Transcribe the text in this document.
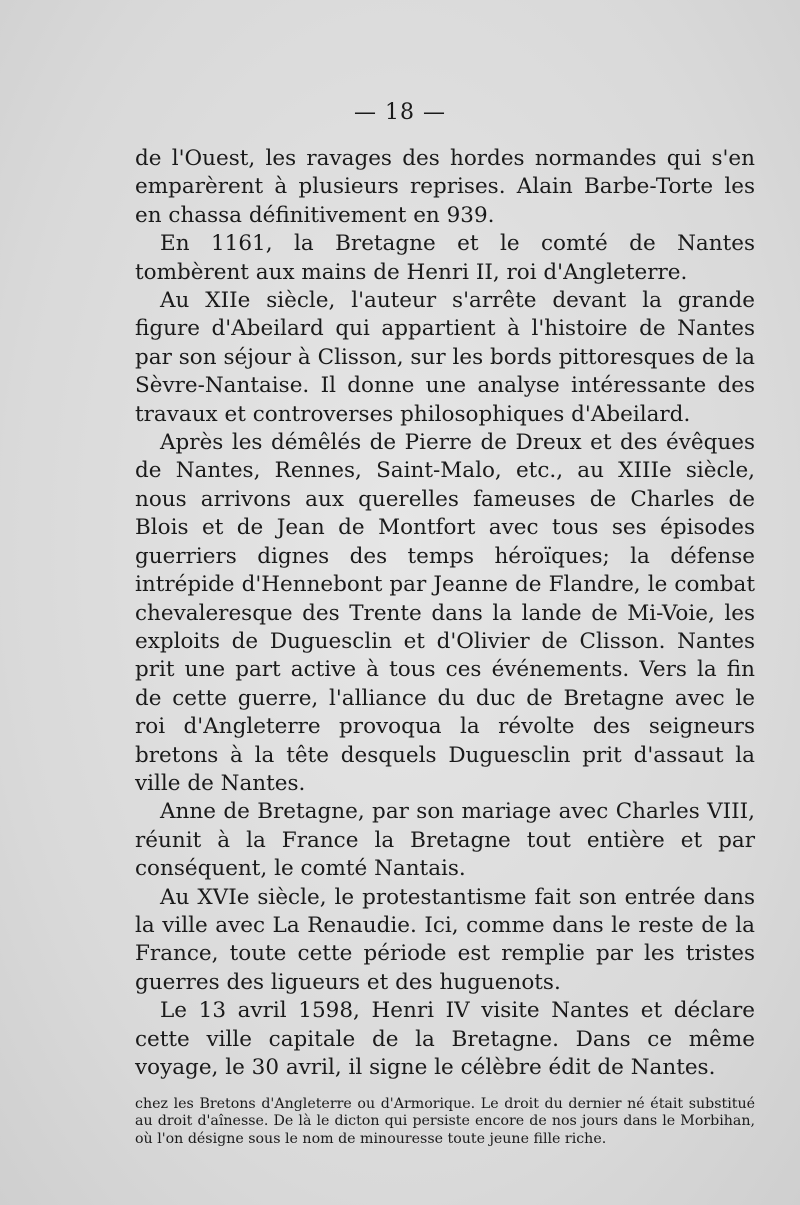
— 18 —

de l'Ouest, les ravages des hordes normandes qui s'en emparèrent à plusieurs reprises. Alain Barbe-Torte les en chassa définitivement en 939.

En 1161, la Bretagne et le comté de Nantes tombèrent aux mains de Henri II, roi d'Angleterre.

Au XIIe siècle, l'auteur s'arrête devant la grande figure d'Abeilard qui appartient à l'histoire de Nantes par son séjour à Clisson, sur les bords pittoresques de la Sèvre-Nantaise. Il donne une analyse intéressante des travaux et controverses philosophiques d'Abeilard.

Après les démêlés de Pierre de Dreux et des évêques de Nantes, Rennes, Saint-Malo, etc., au XIIIe siècle, nous arrivons aux querelles fameuses de Charles de Blois et de Jean de Montfort avec tous ses épisodes guerriers dignes des temps héroïques; la défense intrépide d'Hennebont par Jeanne de Flandre, le combat chevaleresque des Trente dans la lande de Mi-Voie, les exploits de Duguesclin et d'Olivier de Clisson. Nantes prit une part active à tous ces événements. Vers la fin de cette guerre, l'alliance du duc de Bretagne avec le roi d'Angleterre provoqua la révolte des seigneurs bretons à la tête desquels Duguesclin prit d'assaut la ville de Nantes.

Anne de Bretagne, par son mariage avec Charles VIII, réunit à la France la Bretagne tout entière et par conséquent, le comté Nantais.

Au XVIe siècle, le protestantisme fait son entrée dans la ville avec La Renaudie. Ici, comme dans le reste de la France, toute cette période est remplie par les tristes guerres des ligueurs et des huguenots.

Le 13 avril 1598, Henri IV visite Nantes et déclare cette ville capitale de la Bretagne. Dans ce même voyage, le 30 avril, il signe le célèbre édit de Nantes.

chez les Bretons d'Angleterre ou d'Armorique. Le droit du dernier né était substitué au droit d'aînesse. De là le dicton qui persiste encore de nos jours dans le Morbihan, où l'on désigne sous le nom de minouresse toute jeune fille riche.
